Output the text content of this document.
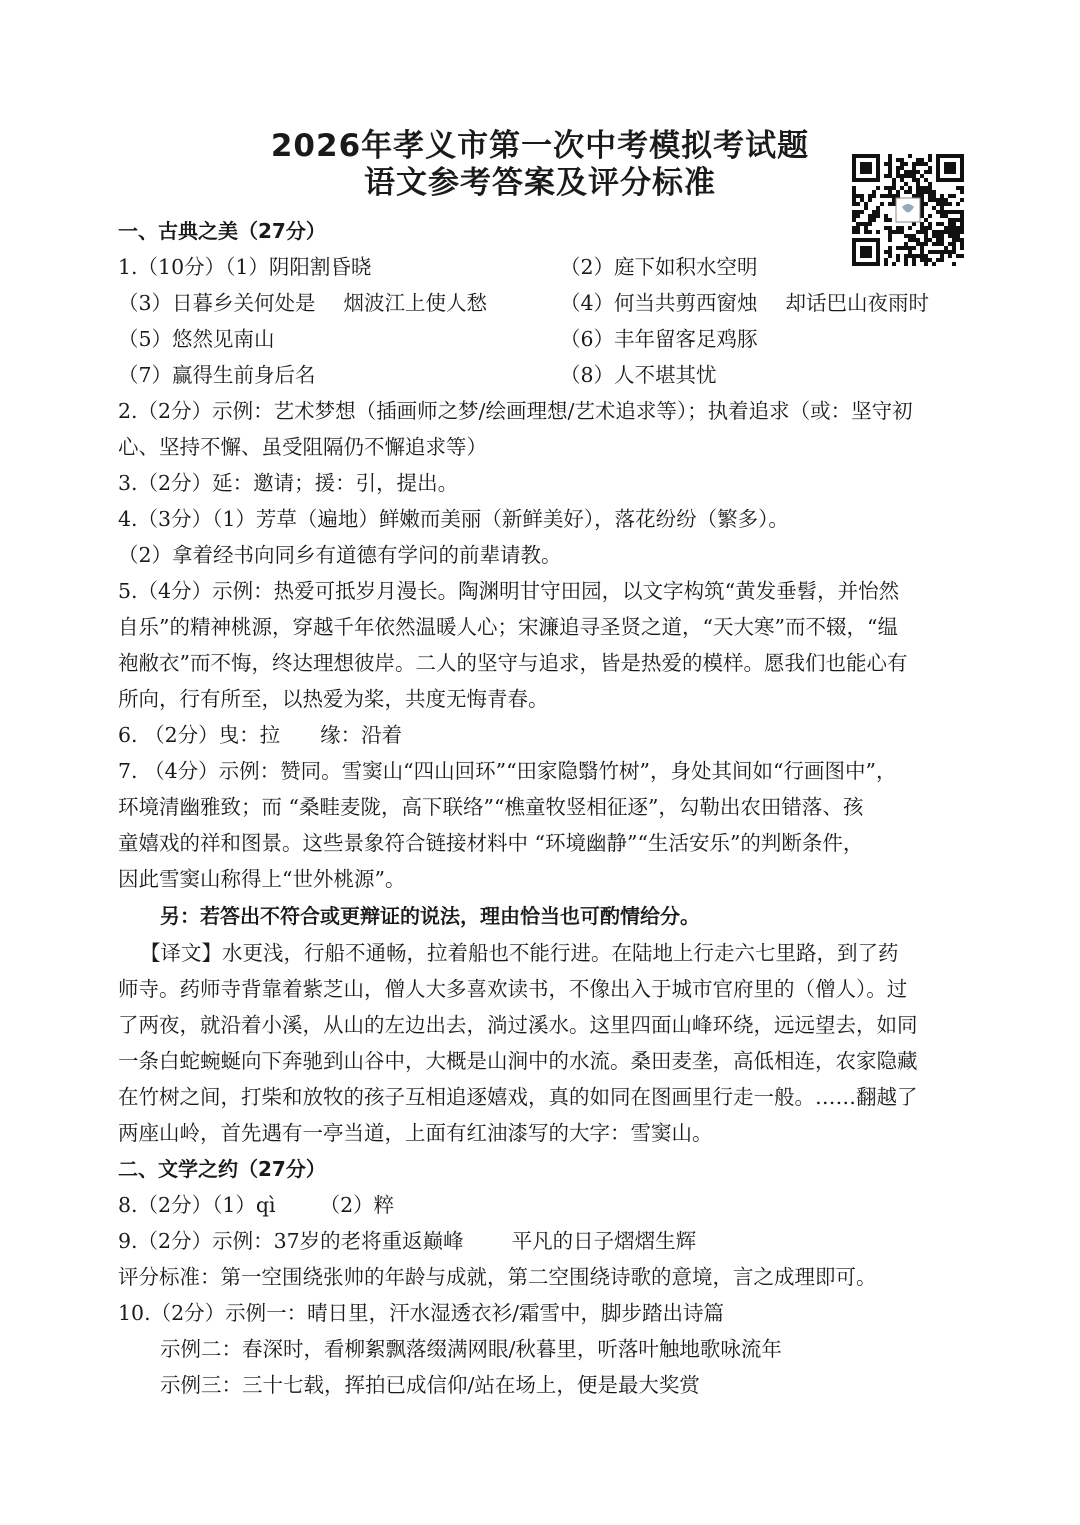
2026年孝义市第一次中考模拟考试题
语文参考答案及评分标准
一、古典之美（27分）
1.（10分）（1）阴阳割昏晓	（2）庭下如积水空明
（3）日暮乡关何处是 烟波江上使人愁	（4）何当共剪西窗烛 却话巴山夜雨时
（5）悠然见南山	（6）丰年留客足鸡豚
（7）赢得生前身后名	（8）人不堪其忧
2.（2分）示例：艺术梦想（插画师之梦/绘画理想/艺术追求等）；执着追求（或：坚守初
心、坚持不懈、虽受阻隔仍不懈追求等）
3.（2分）延：邀请；援：引，提出。
4.（3分）（1）芳草（遍地）鲜嫩而美丽（新鲜美好），落花纷纷（繁多）。
（2）拿着经书向同乡有道德有学问的前辈请教。
5.（4分）示例：热爱可抵岁月漫长。陶渊明甘守田园，以文字构筑“黄发垂髫，并怡然
自乐”的精神桃源，穿越千年依然温暖人心；宋濂追寻圣贤之道，“天大寒”而不辍，“缊
袍敝衣”而不悔，终达理想彼岸。二人的坚守与追求，皆是热爱的模样。愿我们也能心有
所向，行有所至，以热爱为桨，共度无悔青春。
6. （2分）曳：拉 缘：沿着
7. （4分）示例：赞同。雪窦山“四山回环”“田家隐翳竹树”，身处其间如“行画图中”，
环境清幽雅致；而 “桑畦麦陇，高下联络”“樵童牧竖相征逐”，勾勒出农田错落、孩
童嬉戏的祥和图景。这些景象符合链接材料中 “环境幽静”“生活安乐”的判断条件，
因此雪窦山称得上“世外桃源”。
另：若答出不符合或更辩证的说法，理由恰当也可酌情给分。
【译文】水更浅，行船不通畅，拉着船也不能行进。在陆地上行走六七里路，到了药
师寺。药师寺背靠着紫芝山，僧人大多喜欢读书，不像出入于城市官府里的（僧人）。过
了两夜，就沿着小溪，从山的左边出去，淌过溪水。这里四面山峰环绕，远远望去，如同
一条白蛇蜿蜒向下奔驰到山谷中，大概是山涧中的水流。桑田麦垄，高低相连，农家隐藏
在竹树之间，打柴和放牧的孩子互相追逐嬉戏，真的如同在图画里行走一般。……翻越了
两座山岭，首先遇有一亭当道，上面有红油漆写的大字：雪窦山。
二、文学之约（27分）
8.（2分）（1）qì （2）粹
9.（2分）示例：37岁的老将重返巅峰 平凡的日子熠熠生辉
评分标准：第一空围绕张帅的年龄与成就，第二空围绕诗歌的意境，言之成理即可。
10.（2分）示例一：晴日里，汗水湿透衣衫/霜雪中，脚步踏出诗篇
示例二：春深时，看柳絮飘落缀满网眼/秋暮里，听落叶触地歌咏流年
示例三：三十七载，挥拍已成信仰/站在场上，便是最大奖赏
